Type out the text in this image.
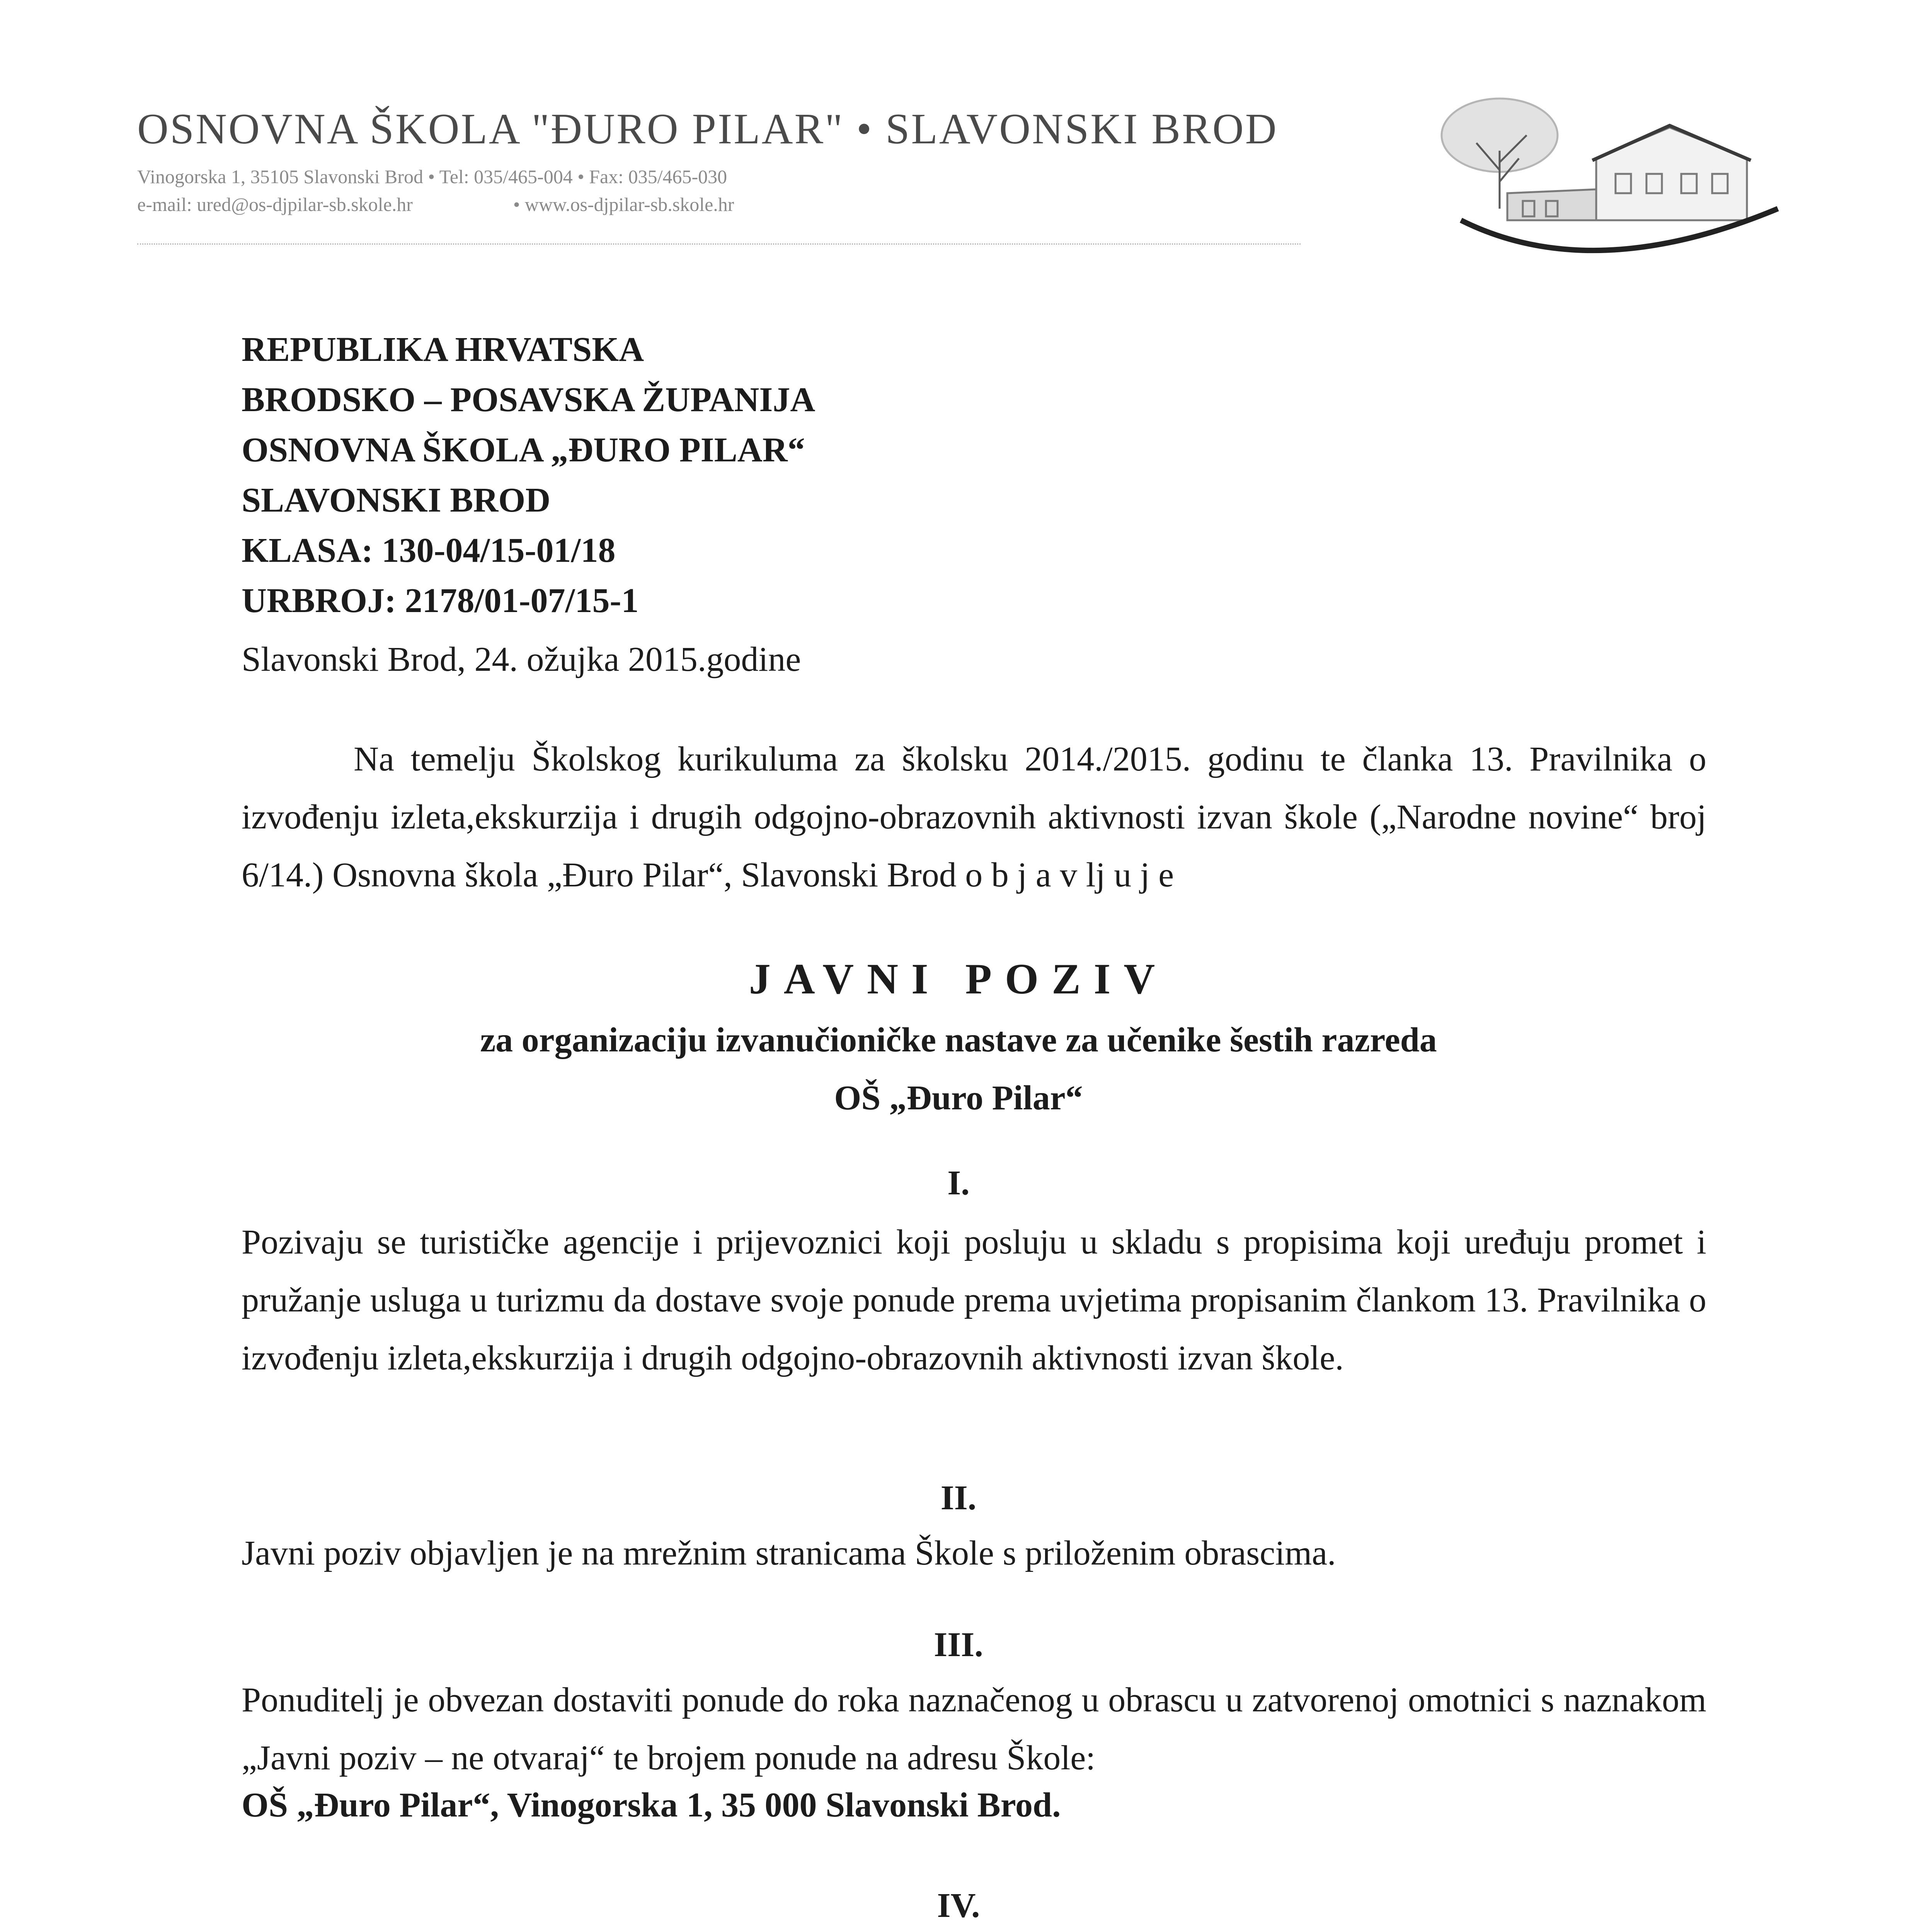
OSNOVNA ŠKOLA "ĐURO PILAR" • SLAVONSKI BROD
Vinogorska 1, 35105 Slavonski Brod • Tel: 035/465-004 • Fax: 035/465-030
e-mail: ured@os-djpilar-sb.skole.hr	• www.os-djpilar-sb.skole.hr
REPUBLIKA HRVATSKA
BRODSKO – POSAVSKA ŽUPANIJA
OSNOVNA ŠKOLA „ĐURO PILAR“
SLAVONSKI BROD
KLASA: 130-04/15-01/18
URBROJ: 2178/01-07/15-1
Slavonski Brod, 24. ožujka 2015.godine
Na temelju Školskog kurikuluma za školsku 2014./2015. godinu te članka 13. Pravilnika o izvođenju izleta,ekskurzija i drugih odgojno-obrazovnih aktivnosti izvan škole („Narodne novine“ broj 6/14.) Osnovna škola „Đuro Pilar“, Slavonski Brod o b j a v lj u j e
JAVNI POZIV
za organizaciju izvanučioničke nastave za učenike šestih razreda
OŠ „Đuro Pilar“
I.
Pozivaju se turističke agencije i prijevoznici koji posluju u skladu s propisima koji uređuju promet i pružanje usluga u turizmu da dostave svoje ponude prema uvjetima propisanim člankom 13. Pravilnika o izvođenju izleta,ekskurzija i drugih odgojno-obrazovnih aktivnosti izvan škole.
II.
Javni poziv objavljen je na mrežnim stranicama Škole s priloženim obrascima.
III.
Ponuditelj je obvezan dostaviti ponude do roka naznačenog u obrascu u zatvorenoj omotnici s naznakom „Javni poziv – ne otvaraj“ te brojem ponude na adresu Škole:
OŠ „Đuro Pilar“, Vinogorska 1, 35 000 Slavonski Brod.
IV.
